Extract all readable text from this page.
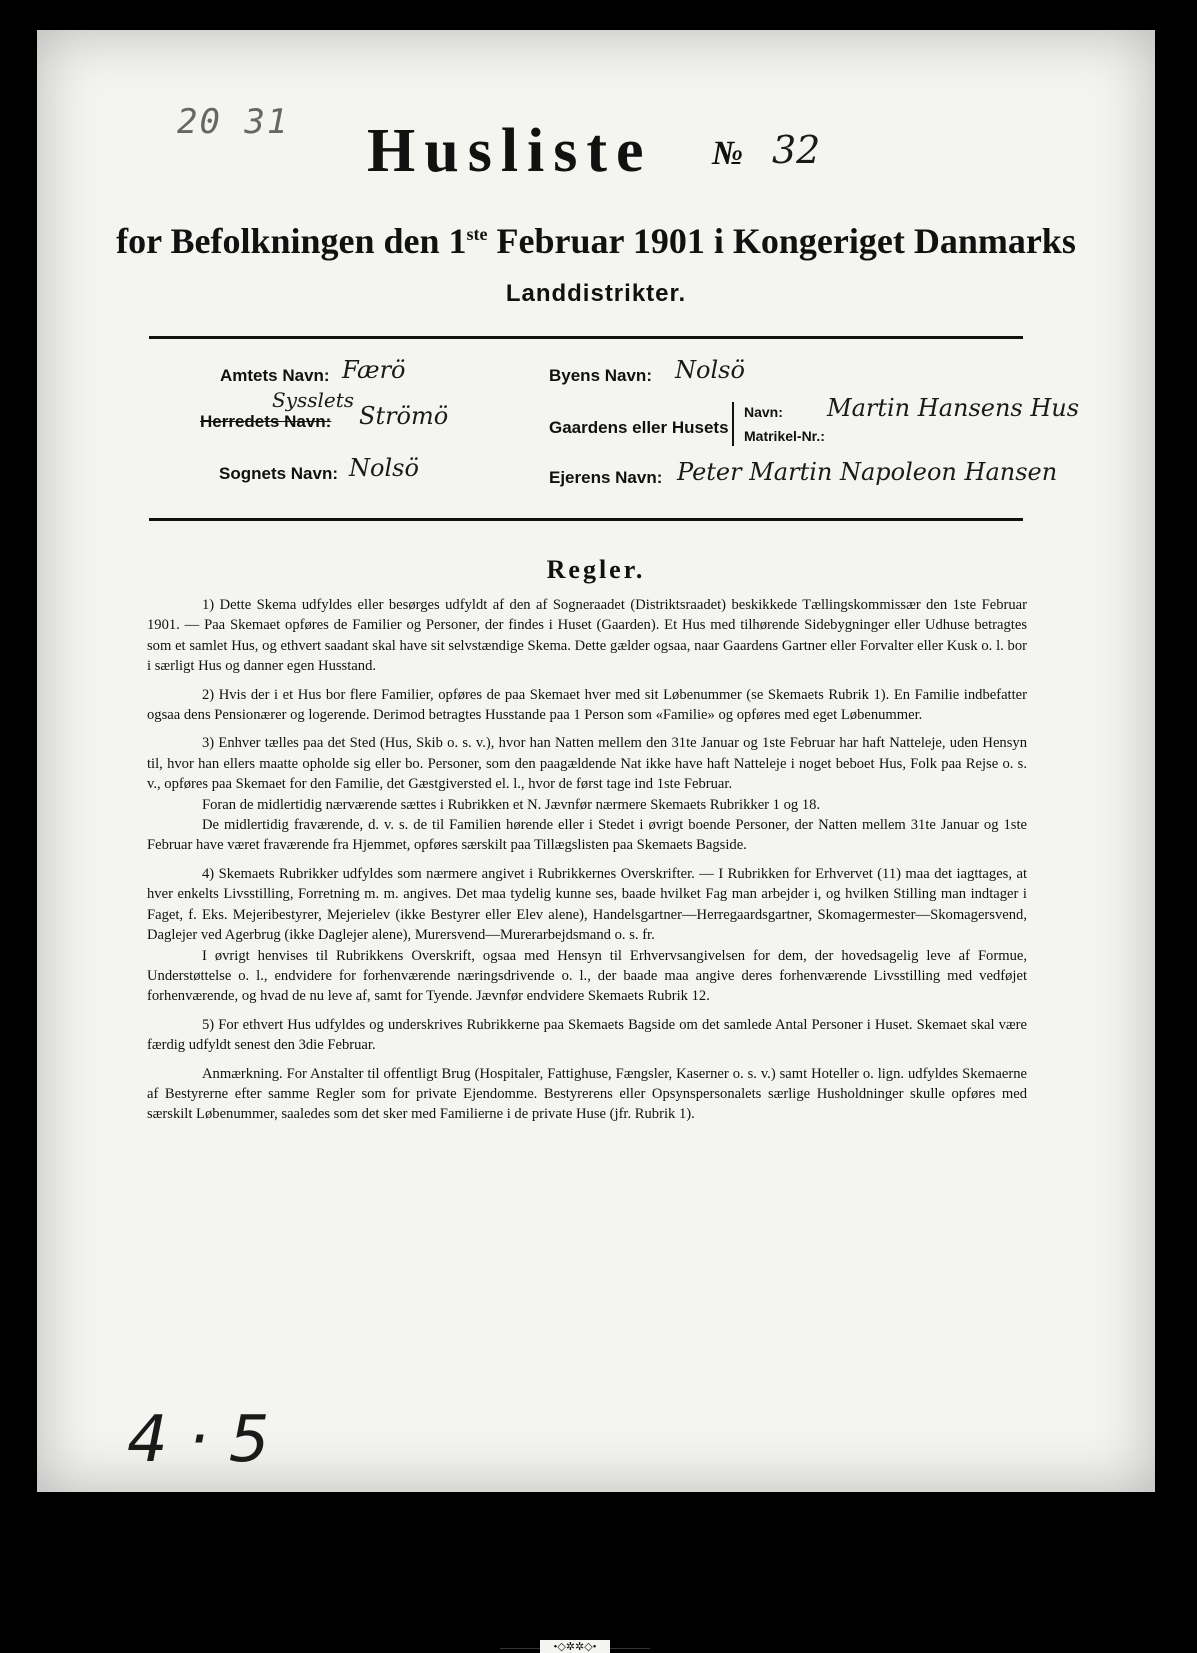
20 31 Husliste № 32
for Befolkningen den 1ste Februar 1901 i Kongeriget Danmarks
Landdistrikter.
Amtets Navn: Færö
Sysslets
Herredets Navn: Strömö
Sognets Navn: Nolsö
Byens Navn: Nolsö
Gaardens eller Husets
Navn: Martin Hansens Hus
Matrikel-Nr.:
Ejerens Navn: Peter Martin Napoleon Hansen
Regler.

1) Dette Skema udfyldes eller besørges udfyldt af den af Sogneraadet (Distriktsraadet) beskikkede Tællingskommissær den 1ste Februar 1901. — Paa Skemaet opføres de Familier og Personer, der findes i Huset (Gaarden). Et Hus med tilhørende Sidebygninger eller Udhuse betragtes som et samlet Hus, og ethvert saadant skal have sit selvstændige Skema. Dette gælder ogsaa, naar Gaardens Gartner eller Forvalter eller Kusk o. l. bor i særligt Hus og danner egen Husstand.

2) Hvis der i et Hus bor flere Familier, opføres de paa Skemaet hver med sit Løbenummer (se Skemaets Rubrik 1). En Familie indbefatter ogsaa dens Pensionærer og logerende. Derimod betragtes Husstande paa 1 Person som «Familie» og opføres med eget Løbenummer.

3) Enhver tælles paa det Sted (Hus, Skib o. s. v.), hvor han Natten mellem den 31te Januar og 1ste Februar har haft Natteleje, uden Hensyn til, hvor han ellers maatte opholde sig eller bo. Personer, som den paagældende Nat ikke have haft Natteleje i noget beboet Hus, Folk paa Rejse o. s. v., opføres paa Skemaet for den Familie, det Gæstgiversted el. l., hvor de først tage ind 1ste Februar.

Foran de midlertidig nærværende sættes i Rubrikken et N. Jævnfør nærmere Skemaets Rubrikker 1 og 18.

De midlertidig fraværende, d. v. s. de til Familien hørende eller i Stedet i øvrigt boende Personer, der Natten mellem 31te Januar og 1ste Februar have været fraværende fra Hjemmet, opføres særskilt paa Tillægslisten paa Skemaets Bagside.

4) Skemaets Rubrikker udfyldes som nærmere angivet i Rubrikkernes Overskrifter. — I Rubrikken for Erhvervet (11) maa det iagttages, at hver enkelts Livsstilling, Forretning m. m. angives. Det maa tydelig kunne ses, baade hvilket Fag man arbejder i, og hvilken Stilling man indtager i Faget, f. Eks. Mejeribestyrer, Mejerielev (ikke Bestyrer eller Elev alene), Handelsgartner—Herregaardsgartner, Skomagermester—Skomagersvend, Daglejer ved Agerbrug (ikke Daglejer alene), Murersvend—Murerarbejdsmand o. s. fr.

I øvrigt henvises til Rubrikkens Overskrift, ogsaa med Hensyn til Erhvervsangivelsen for dem, der hovedsagelig leve af Formue, Understøttelse o. l., endvidere for forhenværende næringsdrivende o. l., der baade maa angive deres forhenværende Livsstilling med vedføjet forhenværende, og hvad de nu leve af, samt for Tyende. Jævnfør endvidere Skemaets Rubrik 12.

5) For ethvert Hus udfyldes og underskrives Rubrikkerne paa Skemaets Bagside om det samlede Antal Personer i Huset. Skemaet skal være færdig udfyldt senest den 3die Februar.

Anmærkning. For Anstalter til offentligt Brug (Hospitaler, Fattighuse, Fængsler, Kaserner o. s. v.) samt Hoteller o. lign. udfyldes Skemaerne af Bestyrerne efter samme Regler som for private Ejendomme. Bestyrerens eller Opsynspersonalets særlige Husholdninger skulle opføres med særskilt Løbenummer, saaledes som det sker med Familierne i de private Huse (jfr. Rubrik 1).

•◇✲✲◇•
4 · 5
